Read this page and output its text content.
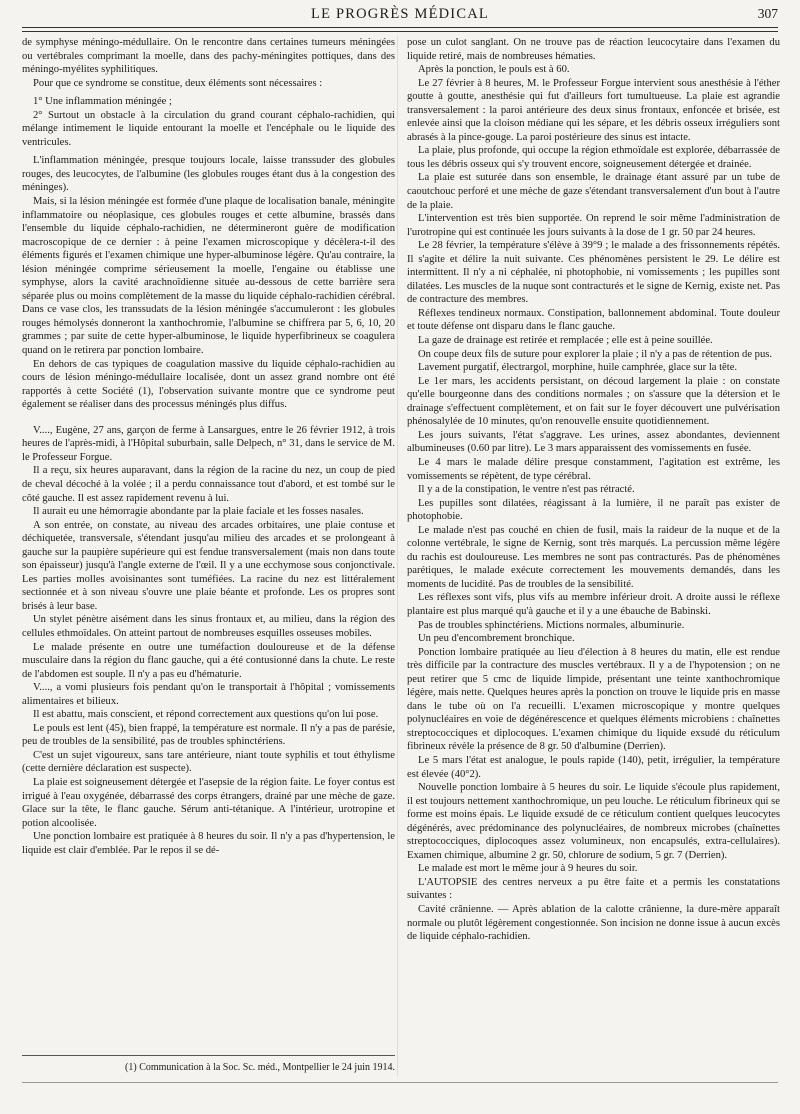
LE PROGRÈS MÉDICAL	307

de symphyse méningo-médullaire. On le rencontre dans certaines tumeurs méningées ou vertébrales comprimant la moelle, dans des pachy-méningites pottiques, dans des méningo-myélites syphilitiques.

Pour que ce syndrome se constitue, deux éléments sont nécessaires :

1° Une inflammation méningée ;

2° Surtout un obstacle à la circulation du grand courant céphalo-rachidien, qui mélange intimement le liquide entourant la moelle et l'encéphale ou le liquide des ventricules.

L'inflammation méningée, presque toujours locale, laisse transsuder des globules rouges, des leucocytes, de l'albumine (les globules rouges étant dus à la congestion des méninges).

Mais, si la lésion méningée est formée d'une plaque de localisation banale, méningite inflammatoire ou néoplasique, ces globules rouges et cette albumine, brassés dans l'ensemble du liquide céphalo-rachidien, ne détermineront guère de modification macroscopique de ce dernier : à peine l'examen microscopique y décèlera-t-il des éléments figurés et l'examen chimique une hyper-albuminose légère. Qu'au contraire, la lésion méningée comprime sérieusement la moelle, l'engaine ou établisse une symphyse, alors la cavité arachnoïdienne située au-dessous de cette barrière sera séparée plus ou moins complètement de la masse du liquide céphalo-rachidien cérébral. Dans ce vase clos, les transsudats de la lésion méningée s'accumuleront : les globules rouges hémolysés donneront la xanthochromie, l'albumine se chiffrera par 5, 6, 10, 20 grammes ; par suite de cette hyper-albuminose, le liquide hyperfibrineux se coagulera quand on le retirera par ponction lombaire.

En dehors de cas typiques de coagulation massive du liquide céphalo-rachidien au cours de lésion méningo-médullaire localisée, dont un assez grand nombre ont été rapportés à cette Société (1), l'observation suivante montre que ce syndrome peut également se réaliser dans des processus méningés plus diffus.

V...., Eugène, 27 ans, garçon de ferme à Lansargues, entre le 26 février 1912, à trois heures de l'après-midi, à l'Hôpital suburbain, salle Delpech, n° 31, dans le service de M. le Professeur Forgue.

Il a reçu, six heures auparavant, dans la région de la racine du nez, un coup de pied de cheval décoché à la volée ; il a perdu connaissance tout d'abord, et est tombé sur le côté gauche. Il est assez rapidement revenu à lui.

Il aurait eu une hémorragie abondante par la plaie faciale et les fosses nasales.

A son entrée, on constate, au niveau des arcades orbitaires, une plaie contuse et déchiquetée, transversale, s'étendant jusqu'au milieu des arcades et se prolongeant à gauche sur la paupière supérieure qui est fendue transversalement (mais non dans toute son épaisseur) jusqu'à l'angle externe de l'œil. Il y a une ecchymose sous conjonctivale. Les parties molles avoisinantes sont tuméfiées. La racine du nez est littéralement sectionnée et à son niveau s'ouvre une plaie béante et profonde. Les os propres sont brisés à leur base.

Un stylet pénètre aisément dans les sinus frontaux et, au milieu, dans la région des cellules ethmoïdales. On atteint partout de nombreuses esquilles osseuses mobiles.

Le malade présente en outre une tuméfaction douloureuse et de la défense musculaire dans la région du flanc gauche, qui a été contusionné dans la chute. Le reste de l'abdomen est souple. Il n'y a pas eu d'hématurie.

V...., a vomi plusieurs fois pendant qu'on le transportait à l'hôpital ; vomissements alimentaires et bilieux.

Il est abattu, mais conscient, et répond correctement aux questions qu'on lui pose.

Le pouls est lent (45), bien frappé, la température est normale. Il n'y a pas de parésie, peu de troubles de la sensibilité, pas de troubles sphinctériens.

C'est un sujet vigoureux, sans tare antérieure, niant toute syphilis et tout éthylisme (cette dernière déclaration est suspecte).

La plaie est soigneusement détergée et l'asepsie de la région faite. Le foyer contus est irrigué à l'eau oxygénée, débarrassé des corps étrangers, drainé par une mèche de gaze. Glace sur la tête, le flanc gauche. Sérum anti-tétanique. A l'intérieur, urotropine et potion alcoolisée.

Une ponction lombaire est pratiquée à 8 heures du soir. Il n'y a pas d'hypertension, le liquide est clair d'emblée. Par le repos il se dé-

pose un culot sanglant. On ne trouve pas de réaction leucocytaire dans l'examen du liquide retiré, mais de nombreuses hématies.

Après la ponction, le pouls est à 60.

Le 27 février à 8 heures, M. le Professeur Forgue intervient sous anesthésie à l'éther goutte à goutte, anesthésie qui fut d'ailleurs fort tumultueuse. La plaie est agrandie transversalement : la paroi antérieure des deux sinus frontaux, enfoncée et brisée, est enlevée ainsi que la cloison médiane qui les sépare, et les débris osseux irréguliers sont abrasés à la pince-gouge. La paroi postérieure des sinus est intacte.

La plaie, plus profonde, qui occupe la région ethmoïdale est explorée, débarrassée de tous les débris osseux qui s'y trouvent encore, soigneusement détergée et drainée.

La plaie est suturée dans son ensemble, le drainage étant assuré par un tube de caoutchouc perforé et une mèche de gaze s'étendant transversalement d'un bout à l'autre de la plaie.

L'intervention est très bien supportée. On reprend le soir même l'administration de l'urotropine qui est continuée les jours suivants à la dose de 1 gr. 50 par 24 heures.

Le 28 février, la température s'élève à 39°9 ; le malade a des frissonnements répétés. Il s'agite et délire la nuit suivante. Ces phénomènes persistent le 29. Le délire est intermittent. Il n'y a ni céphalée, ni photophobie, ni vomissements ; les pupilles sont dilatées. Les muscles de la nuque sont contracturés et le signe de Kernig, existe net. Pas de contracture des membres.

Réflexes tendineux normaux. Constipation, ballonnement abdominal. Toute douleur et toute défense ont disparu dans le flanc gauche.

La gaze de drainage est retirée et remplacée ; elle est à peine souillée.

On coupe deux fils de suture pour explorer la plaie ; il n'y a pas de rétention de pus.

Lavement purgatif, électrargol, morphine, huile camphrée, glace sur la tête.

Le 1er mars, les accidents persistant, on découd largement la plaie : on constate qu'elle bourgeonne dans des conditions normales ; on s'assure que la détersion et le drainage s'effectuent complètement, et on fait sur le foyer découvert une pulvérisation phénosalylée de 10 minutes, qu'on renouvelle ensuite quotidiennement.

Les jours suivants, l'état s'aggrave. Les urines, assez abondantes, deviennent albumineuses (0.60 par litre). Le 3 mars apparaissent des vomissements en fusée.

Le 4 mars le malade délire presque constamment, l'agitation est extrême, les vomissements se répètent, de type cérébral.

Il y a de la constipation, le ventre n'est pas rétracté.

Les pupilles sont dilatées, réagissant à la lumière, il ne paraît pas exister de photophobie.

Le malade n'est pas couché en chien de fusil, mais la raideur de la nuque et de la colonne vertébrale, le signe de Kernig, sont très marqués. La percussion même légère du rachis est douloureuse. Les membres ne sont pas contracturés. Pas de phénomènes parétiques, le malade exécute correctement les mouvements demandés, dans les moments de lucidité. Pas de troubles de la sensibilité.

Les réflexes sont vifs, plus vifs au membre inférieur droit. A droite aussi le réflexe plantaire est plus marqué qu'à gauche et il y a une ébauche de Babinski.

Pas de troubles sphinctériens. Mictions normales, albuminurie.

Un peu d'encombrement bronchique.

Ponction lombaire pratiquée au lieu d'élection à 8 heures du matin, elle est rendue très difficile par la contracture des muscles vertébraux. Il y a de l'hypotension ; on ne peut retirer que 5 cmc de liquide limpide, présentant une teinte xanthochromique légère, mais nette. Quelques heures après la ponction on trouve le liquide pris en masse dans le tube où on l'a recueilli. L'examen microscopique y montre quelques polynucléaires en voie de dégénérescence et quelques éléments microbiens : chaînettes streptococciques et diplocoques. L'examen chimique du liquide exsudé du réticulum fibrineux révèle la présence de 8 gr. 50 d'albumine (Derrien).

Le 5 mars l'état est analogue, le pouls rapide (140), petit, irrégulier, la température est élevée (40°2).

Nouvelle ponction lombaire à 5 heures du soir. Le liquide s'écoule plus rapidement, il est toujours nettement xanthochromique, un peu louche. Le réticulum fibrineux qui se forme est moins épais. Le liquide exsudé de ce réticulum contient quelques leucocytes dégénérés, avec prédominance des polynucléaires, de nombreux microbes (chaînettes streptococciques, diplocoques assez volumineux, non encapsulés, extra-cellulaires). Examen chimique, albumine 2 gr. 50, chlorure de sodium, 5 gr. 7 (Derrien).

Le malade est mort le même jour à 9 heures du soir.

L'AUTOPSIE des centres nerveux a pu être faite et a permis les constatations suivantes :

Cavité crânienne. — Après ablation de la calotte crânienne, la dure-mère apparaît normale ou plutôt légèrement congestionnée. Son incision ne donne issue à aucun excès de liquide céphalo-rachidien.

(1) Communication à la Soc. Sc. méd., Montpellier le 24 juin 1914.
